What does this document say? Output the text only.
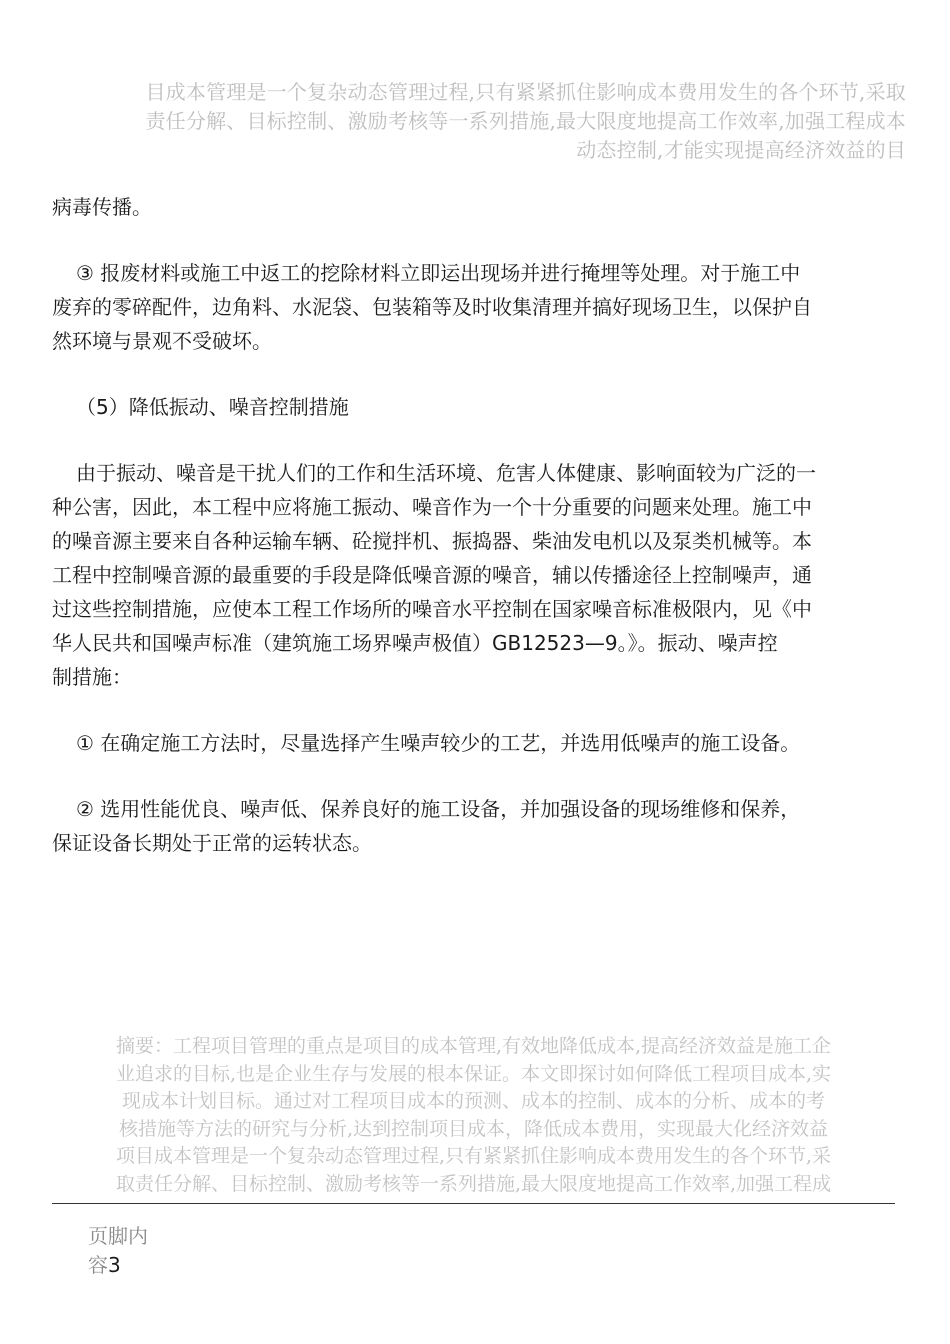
目成本管理是一个复杂动态管理过程,只有紧紧抓住影响成本费用发生的各个环节,采取
责任分解、目标控制、激励考核等一系列措施,最大限度地提高工作效率,加强工程成本
动态控制,才能实现提高经济效益的目

病毒传播。

③ 报废材料或施工中返工的挖除材料立即运出现场并进行掩埋等处理。对于施工中
废弃的零碎配件，边角料、水泥袋、包装箱等及时收集清理并搞好现场卫生，以保护自
然环境与景观不受破坏。

（5）降低振动、噪音控制措施

由于振动、噪音是干扰人们的工作和生活环境、危害人体健康、影响面较为广泛的一
种公害，因此，本工程中应将施工振动、噪音作为一个十分重要的问题来处理。施工中
的噪音源主要来自各种运输车辆、砼搅拌机、振捣器、柴油发电机以及泵类机械等。本
工程中控制噪音源的最重要的手段是降低噪音源的噪音，辅以传播途径上控制噪声，通
过这些控制措施，应使本工程工作场所的噪音水平控制在国家噪音标准极限内，见《中
华人民共和国噪声标准（建筑施工场界噪声极值）GB12523—9。》。振动、噪声控
制措施：

① 在确定施工方法时，尽量选择产生噪声较少的工艺，并选用低噪声的施工设备。

② 选用性能优良、噪声低、保养良好的施工设备，并加强设备的现场维修和保养，
保证设备长期处于正常的运转状态。

摘要：工程项目管理的重点是项目的成本管理,有效地降低成本,提高经济效益是施工企
业追求的目标,也是企业生存与发展的根本保证。本文即探讨如何降低工程项目成本,实
现成本计划目标。通过对工程项目成本的预测、成本的控制、成本的分析、成本的考
核措施等方法的研究与分析,达到控制项目成本，降低成本费用，实现最大化经济效益
项目成本管理是一个复杂动态管理过程,只有紧紧抓住影响成本费用发生的各个环节,采
取责任分解、目标控制、激励考核等一系列措施,最大限度地提高工作效率,加强工程成
页脚内
容3
